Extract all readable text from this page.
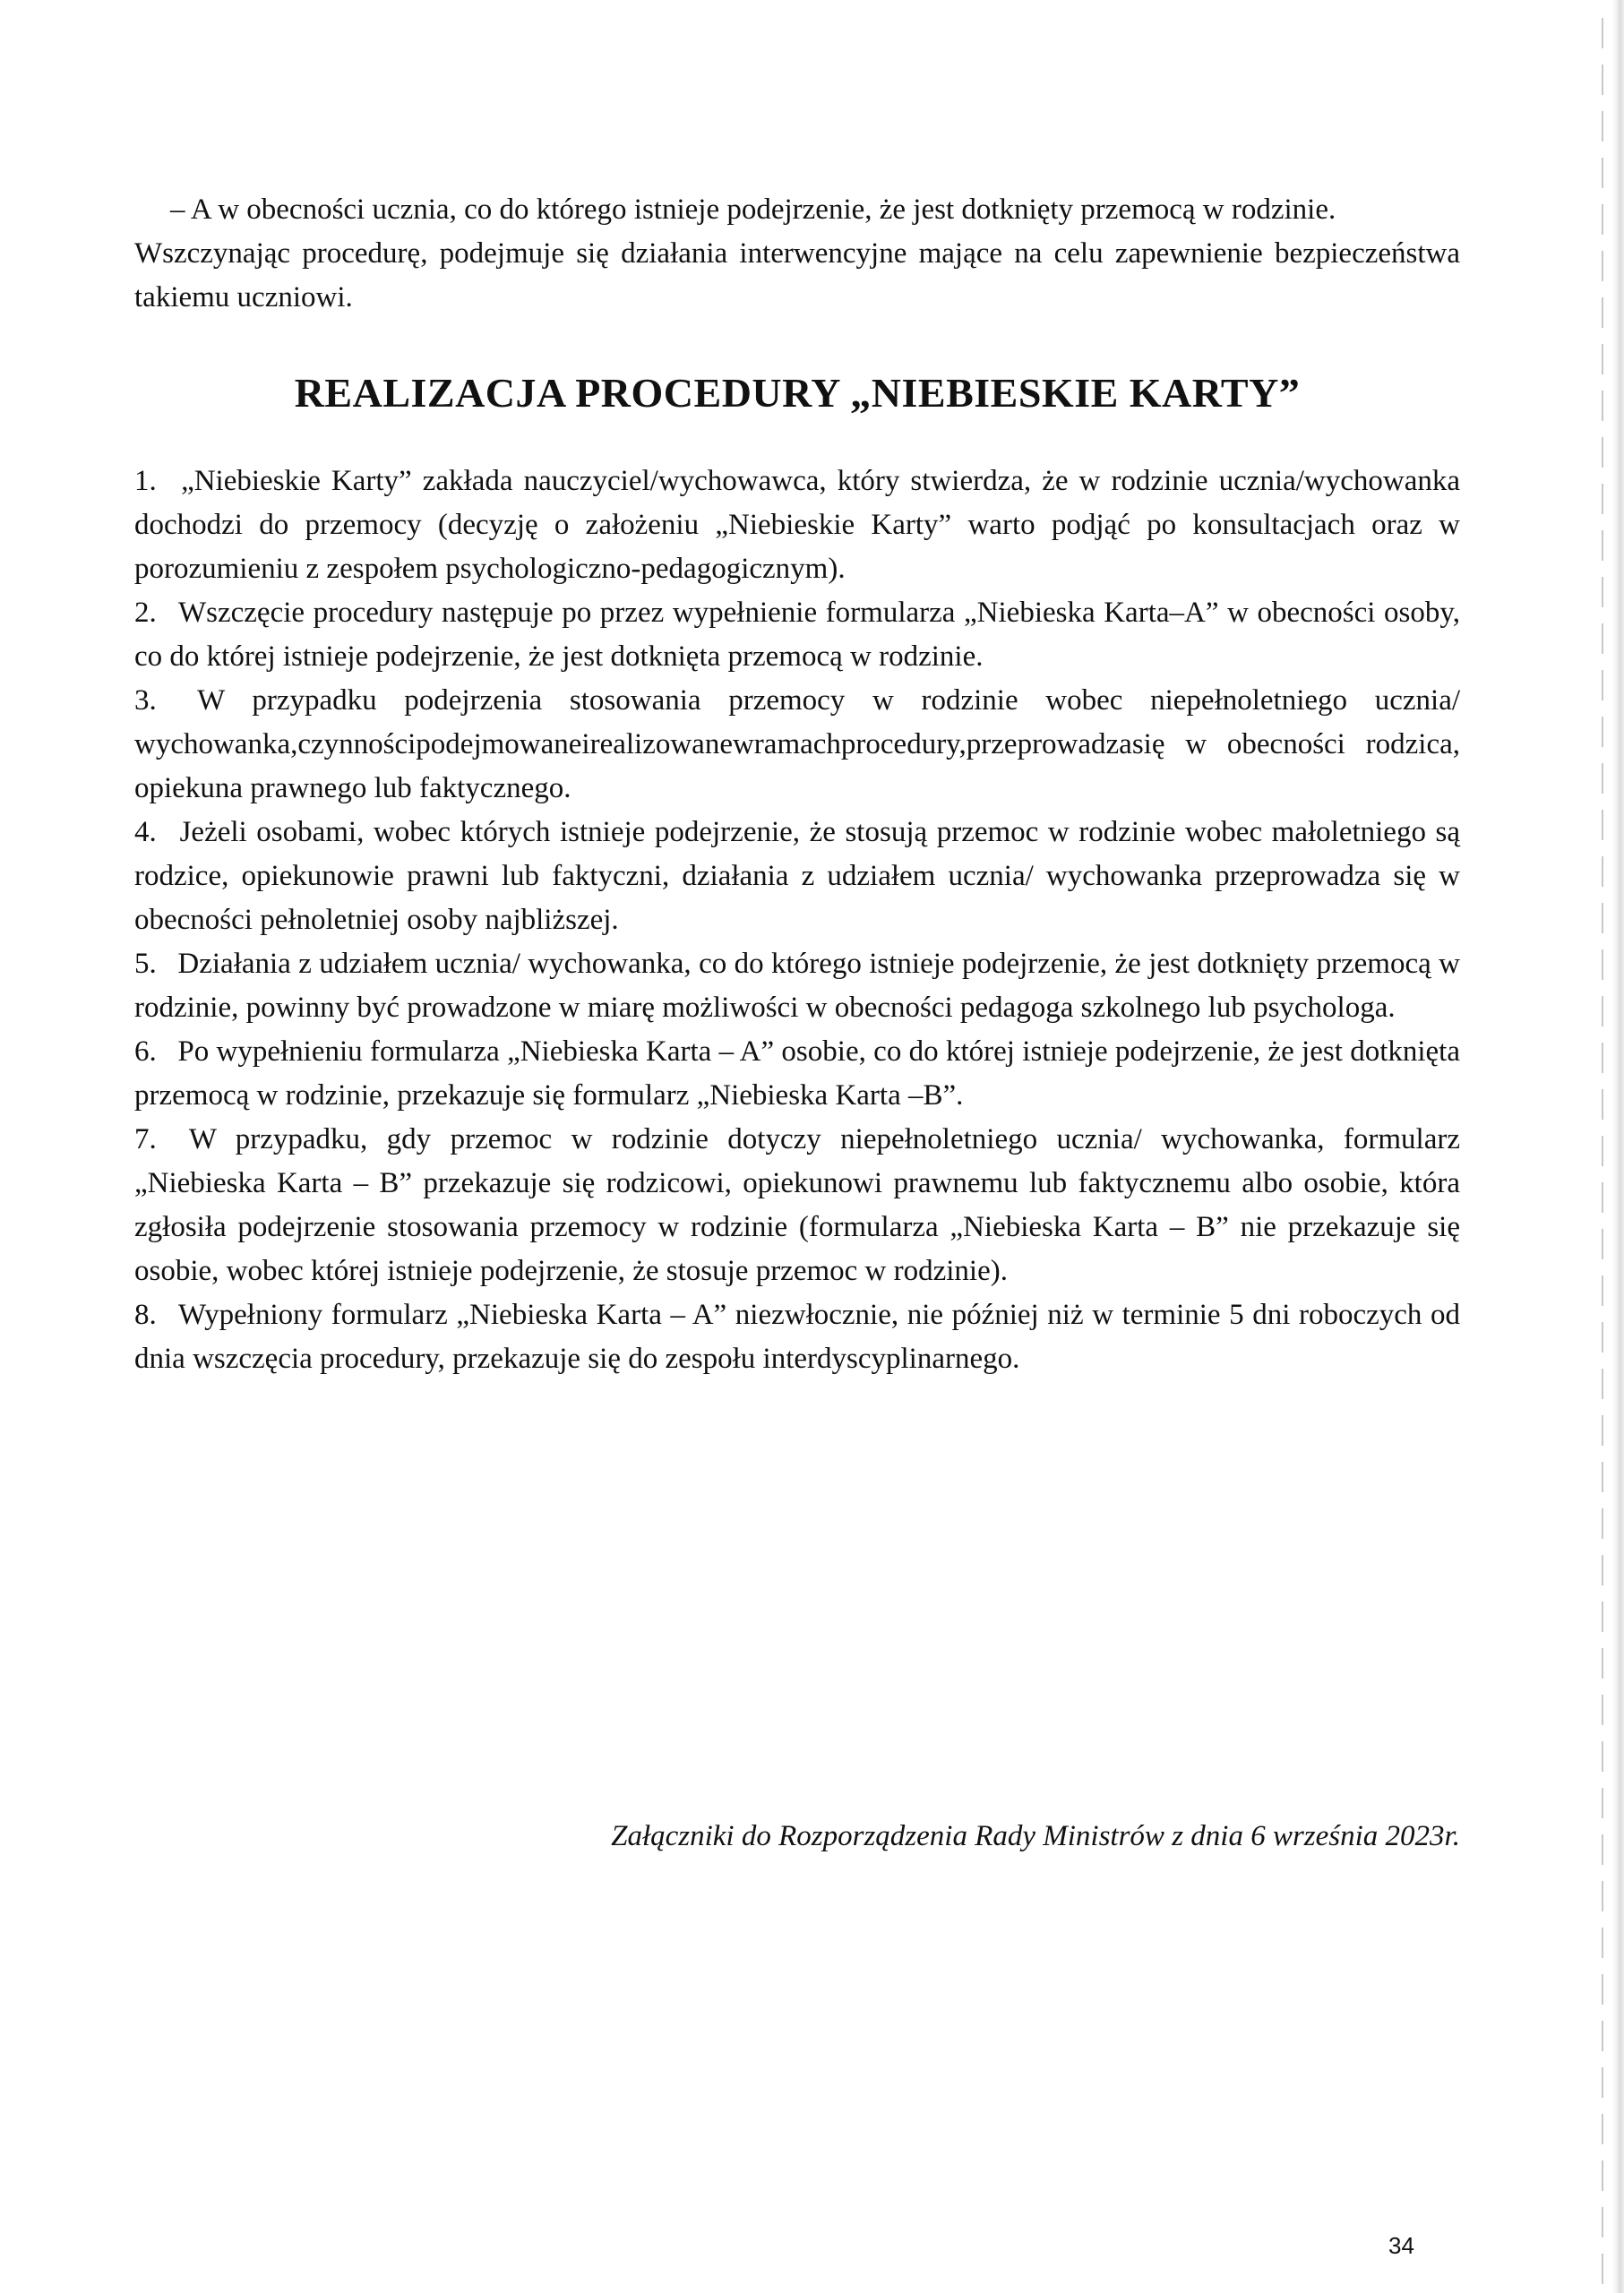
– A w obecności ucznia, co do którego istnieje podejrzenie, że jest dotknięty przemocą w rodzinie.
Wszczynając procedurę, podejmuje się działania interwencyjne mające na celu zapewnienie bezpieczeństwa takiemu uczniowi.

REALIZACJA PROCEDURY „NIEBIESKIE KARTY”
1. „Niebieskie Karty” zakłada nauczyciel/wychowawca, który stwierdza, że w rodzinie ucznia/wychowanka dochodzi do przemocy (decyzję o założeniu „Niebieskie Karty” warto podjąć po konsultacjach oraz w porozumieniu z zespołem psychologiczno-pedagogicznym).
2. Wszczęcie procedury następuje po przez wypełnienie formularza „Niebieska Karta–A” w obecności osoby, co do której istnieje podejrzenie, że jest dotknięta przemocą w rodzinie.
3. W przypadku podejrzenia stosowania przemocy w rodzinie wobec niepełnoletniego ucznia/ wychowanka,czynnościpodejmowaneirealizowanewramachprocedury,przeprowadzasię w obecności rodzica, opiekuna prawnego lub faktycznego.
4. Jeżeli osobami, wobec których istnieje podejrzenie, że stosują przemoc w rodzinie wobec małoletniego są rodzice, opiekunowie prawni lub faktyczni, działania z udziałem ucznia/ wychowanka przeprowadza się w obecności pełnoletniej osoby najbliższej.
5. Działania z udziałem ucznia/ wychowanka, co do którego istnieje podejrzenie, że jest dotknięty przemocą w rodzinie, powinny być prowadzone w miarę możliwości w obecności pedagoga szkolnego lub psychologa.
6. Po wypełnieniu formularza „Niebieska Karta – A” osobie, co do której istnieje podejrzenie, że jest dotknięta przemocą w rodzinie, przekazuje się formularz „Niebieska Karta –B”.
7. W przypadku, gdy przemoc w rodzinie dotyczy niepełnoletniego ucznia/ wychowanka, formularz „Niebieska Karta – B” przekazuje się rodzicowi, opiekunowi prawnemu lub faktycznemu albo osobie, która zgłosiła podejrzenie stosowania przemocy w rodzinie (formularza „Niebieska Karta – B” nie przekazuje się osobie, wobec której istnieje podejrzenie, że stosuje przemoc w rodzinie).
8. Wypełniony formularz „Niebieska Karta – A” niezwłocznie, nie później niż w terminie 5 dni roboczych od dnia wszczęcia procedury, przekazuje się do zespołu interdyscyplinarnego.
Załączniki do Rozporządzenia Rady Ministrów z dnia 6 września 2023r.
34
